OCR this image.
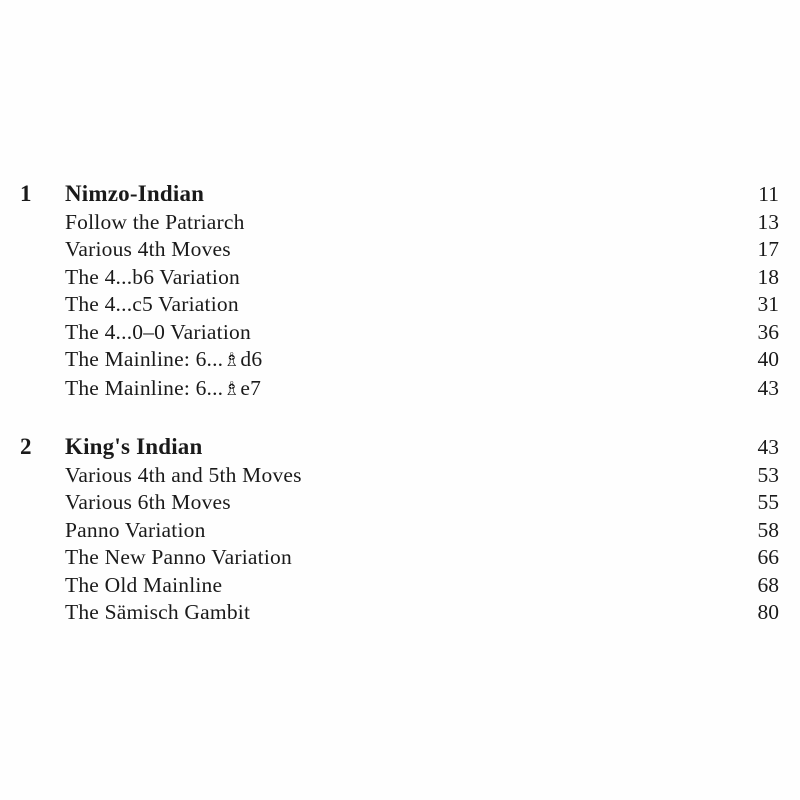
1	Nimzo-Indian	11
Follow the Patriarch	13
Various 4th Moves	17
The 4...b6 Variation	18
The 4...c5 Variation	31
The 4...0–0 Variation	36
The Mainline: 6...♗d6	40
The Mainline: 6...♗e7	43
2	King's Indian	43
Various 4th and 5th Moves	53
Various 6th Moves	55
Panno Variation	58
The New Panno Variation	66
The Old Mainline	68
The Sämisch Gambit	80
